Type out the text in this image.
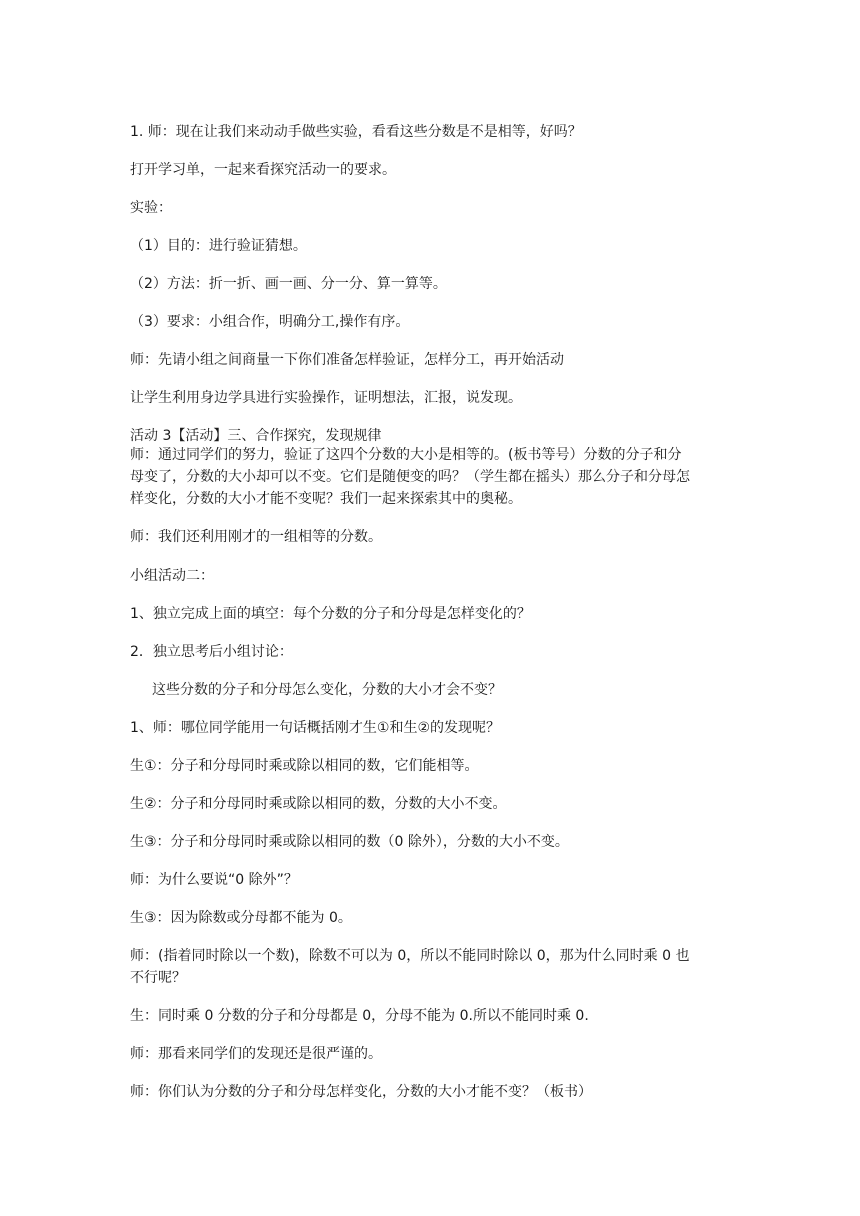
1. 师：现在让我们来动动手做些实验，看看这些分数是不是相等，好吗？
打开学习单，一起来看探究活动一的要求。
实验：
（1）目的：进行验证猜想。
（2）方法：折一折、画一画、分一分、算一算等。
（3）要求：小组合作，明确分工,操作有序。
师：先请小组之间商量一下你们准备怎样验证，怎样分工，再开始活动
让学生利用身边学具进行实验操作，证明想法，汇报，说发现。
活动 3【活动】三、合作探究，发现规律
师：通过同学们的努力，验证了这四个分数的大小是相等的。(板书等号）分数的分子和分
母变了，分数的大小却可以不变。它们是随便变的吗？（学生都在摇头）那么分子和分母怎
样变化，分数的大小才能不变呢？我们一起来探索其中的奥秘。
师：我们还利用刚才的一组相等的分数。
小组活动二：
1、独立完成上面的填空：每个分数的分子和分母是怎样变化的？
2．独立思考后小组讨论：
这些分数的分子和分母怎么变化，分数的大小才会不变？
1、师：哪位同学能用一句话概括刚才生①和生②的发现呢？
生①：分子和分母同时乘或除以相同的数，它们能相等。
生②：分子和分母同时乘或除以相同的数，分数的大小不变。
生③：分子和分母同时乘或除以相同的数（0 除外），分数的大小不变。
师：为什么要说“0 除外”？
生③：因为除数或分母都不能为 0。
师：(指着同时除以一个数)，除数不可以为 0，所以不能同时除以 0，那为什么同时乘 0 也
不行呢？
生：同时乘 0 分数的分子和分母都是 0，分母不能为 0.所以不能同时乘 0.
师：那看来同学们的发现还是很严谨的。
师：你们认为分数的分子和分母怎样变化，分数的大小才能不变？（板书）
